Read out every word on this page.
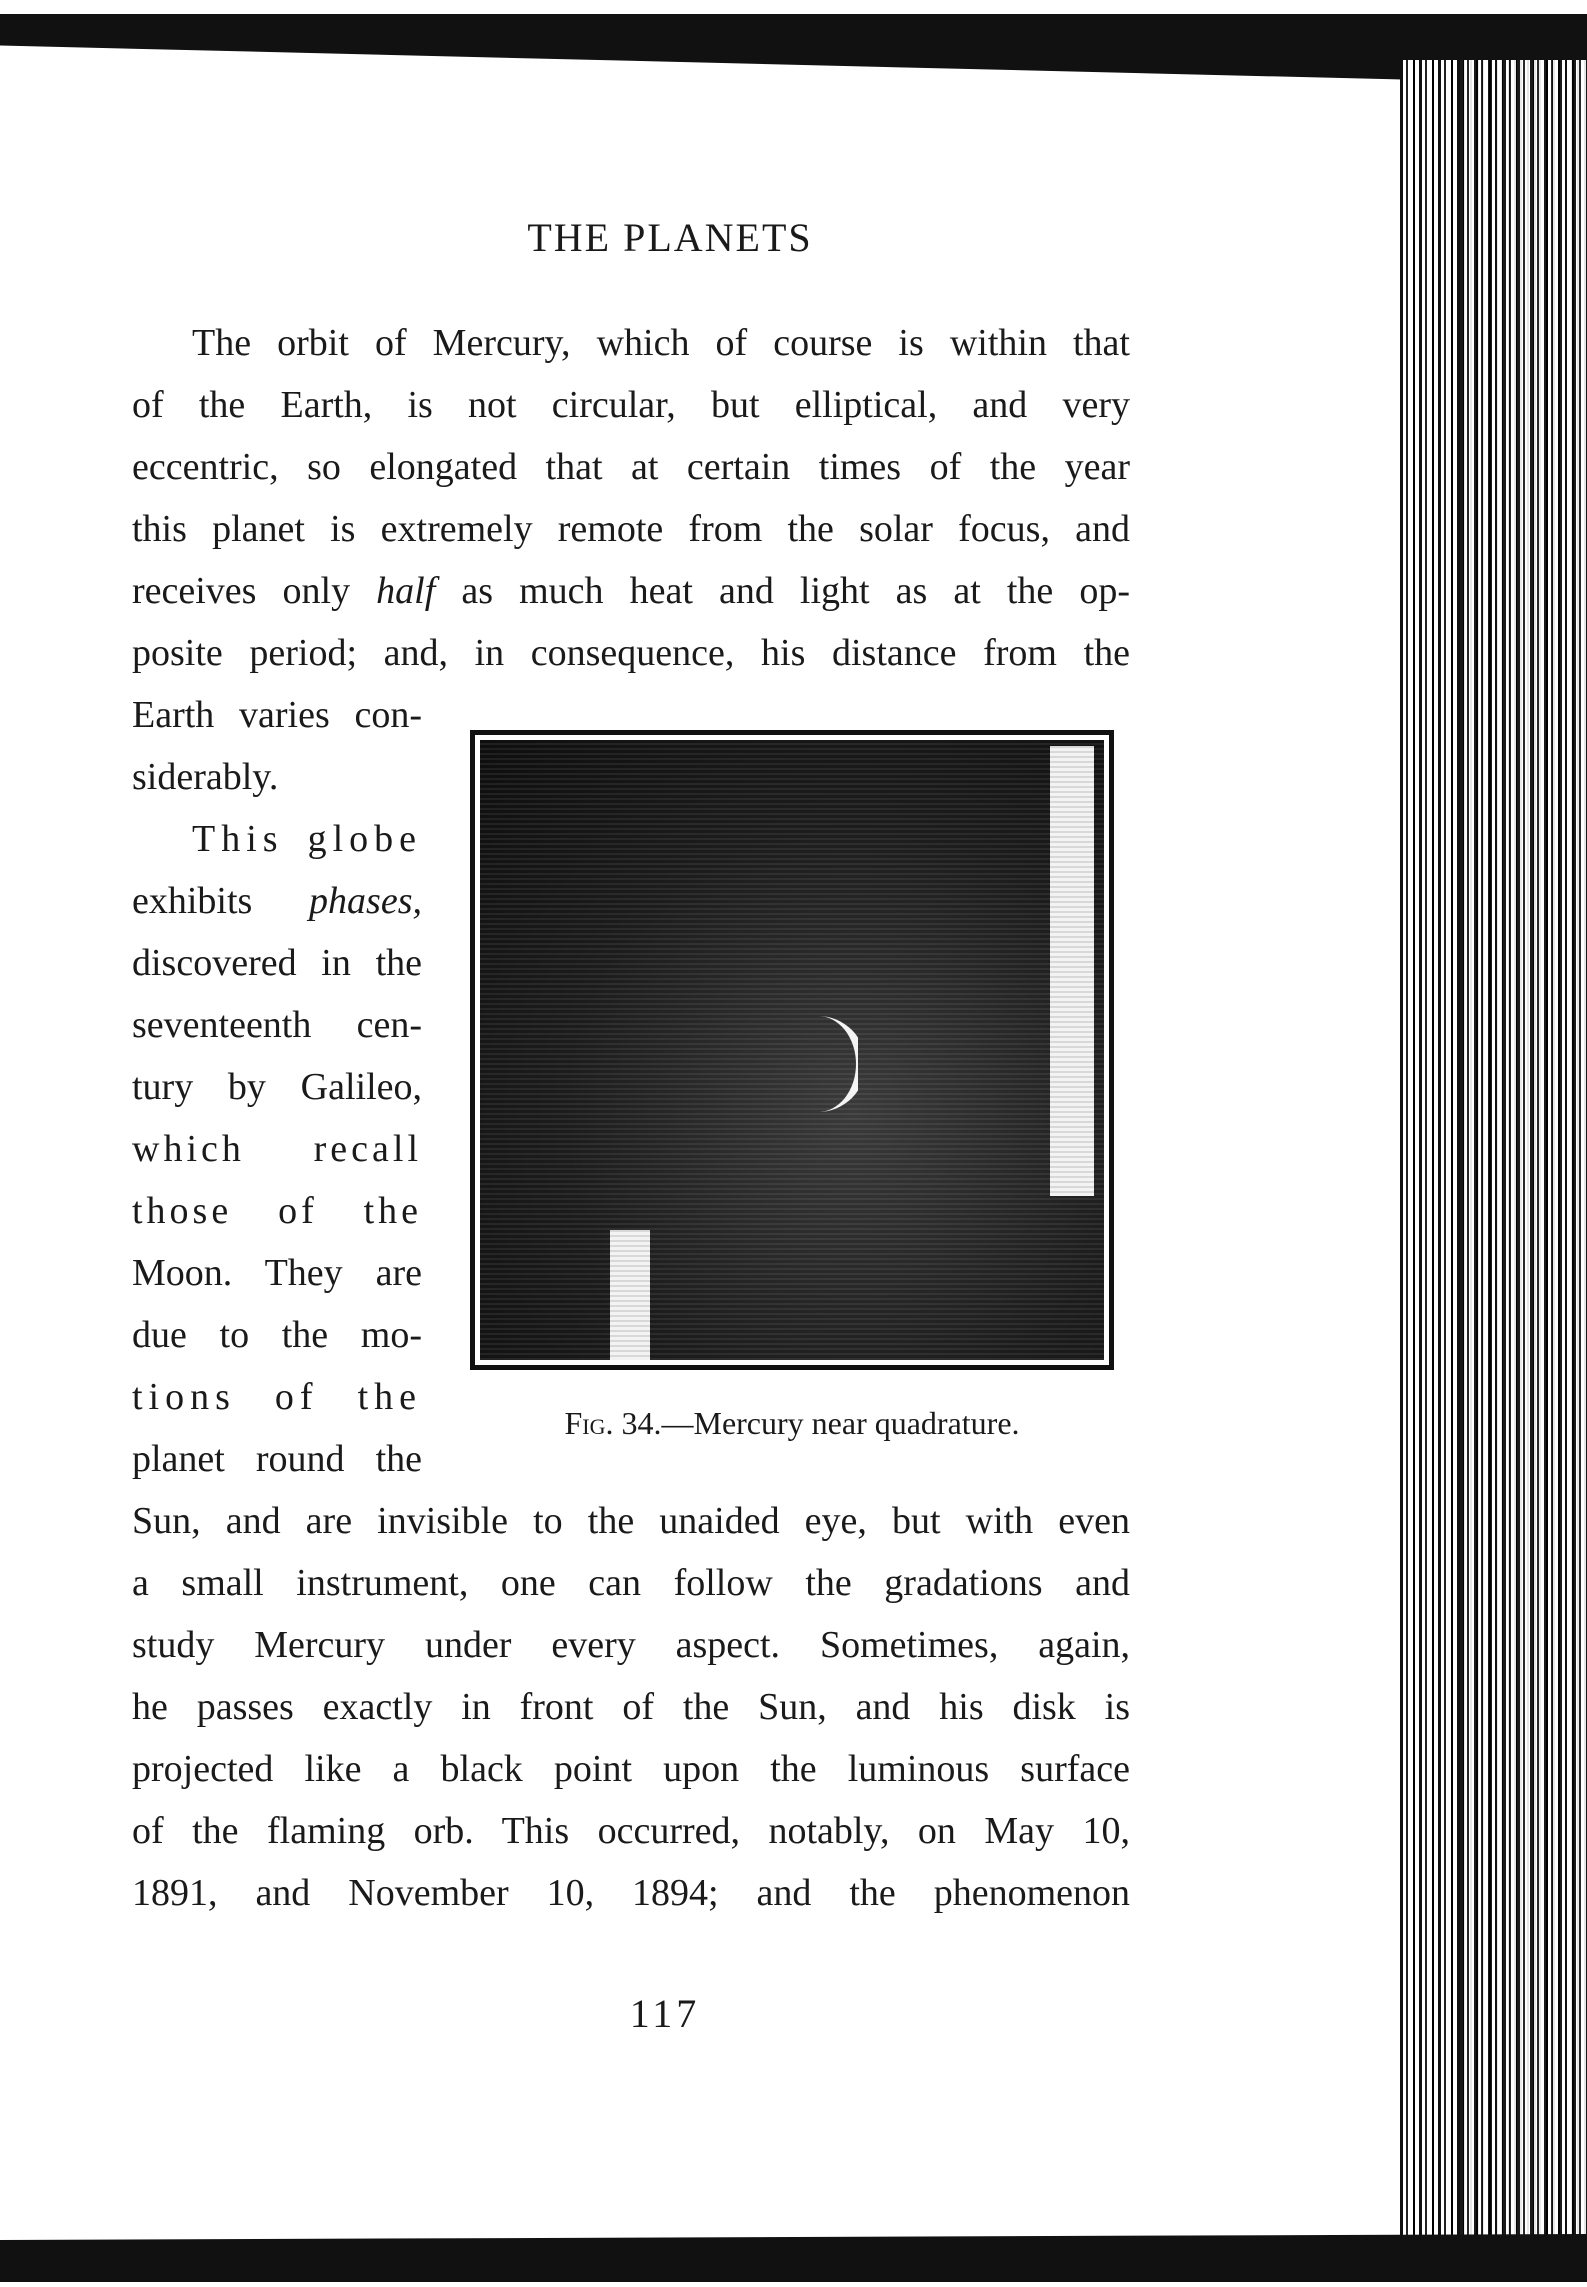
THE PLANETS
The orbit of Mercury, which of course is within that
of the Earth, is not circular, but elliptical, and very
eccentric, so elongated that at certain times of the year
this planet is extremely remote from the solar focus, and
receives only half as much heat and light as at the op-
posite period; and, in consequence, his distance from the
Earth varies con-
siderably.
This globe
exhibits phases,
discovered in the
seventeenth cen-
tury by Galileo,
which recall
those of the
Moon. They are
due to the mo-
tions of the
planet round the
Sun, and are invisible to the unaided eye, but with even
a small instrument, one can follow the gradations and
study Mercury under every aspect. Sometimes, again,
he passes exactly in front of the Sun, and his disk is
projected like a black point upon the luminous surface
of the flaming orb. This occurred, notably, on May 10,
1891, and November 10, 1894; and the phenomenon
Fig. 34.—Mercury near quadrature.
117
